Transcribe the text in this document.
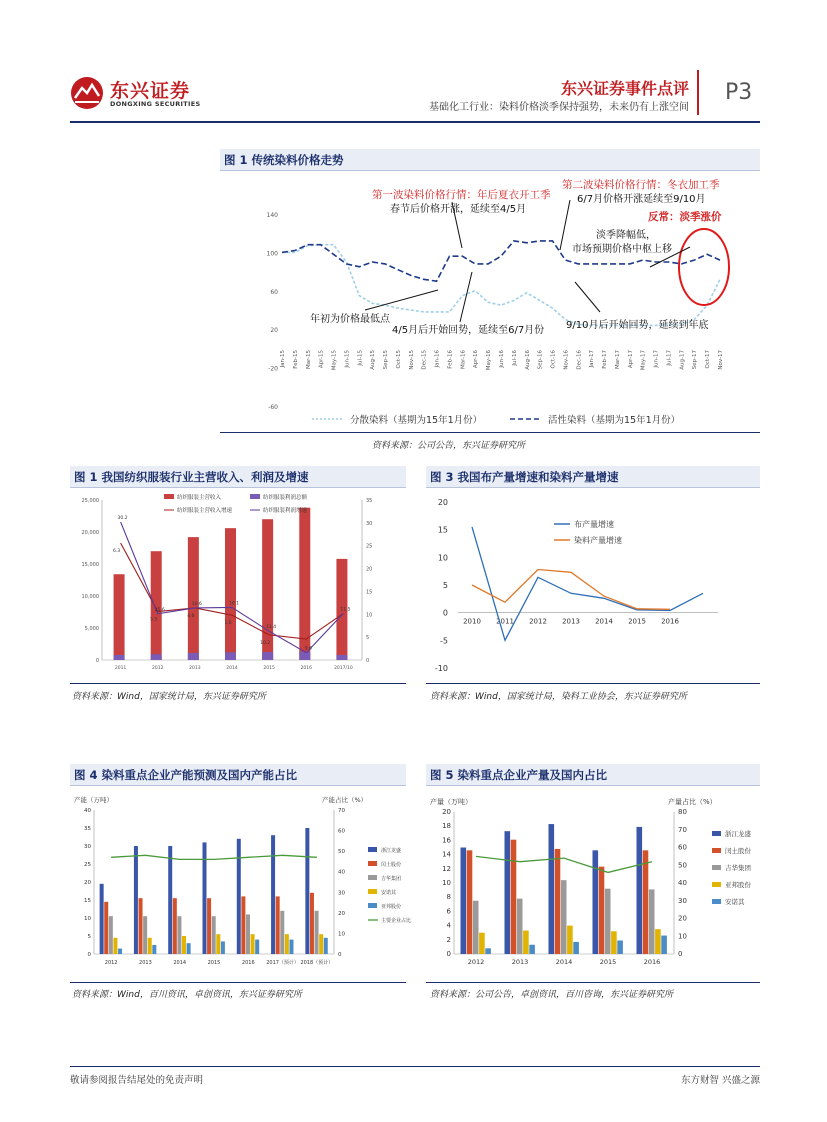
东兴证券
DONGXING SECURITIES
东兴证券事件点评
基础化工行业：染料价格淡季保持强势，未来仍有上涨空间
P3
图 1 传统染料价格走势
140
100
60
20
-20
-60
Jan-15 Feb-15 Mar-15 Apr-15 May-15 Jun-15 Jul-15 Aug-15 Sep-15 Oct-15 Nov-15 Dec-15 Jan-16 Feb-16 Mar-16 Apr-16 May-16 Jun-16 Jul-16 Aug-16 Sep-16 Oct-16 Nov-16 Dec-16 Jan-17 Feb-17 Mar-17 Apr-17 May-17 Jun-17 Jul-17 Aug-17 Sep-17 Oct-17 Nov-17
第一波染料价格行情：年后夏衣开工季
春节后价格开涨，延续至4/5月
第二波染料价格行情：冬衣加工季
6/7月价格开涨延续至9/10月
反常：淡季涨价
淡季降幅低，
市场预期价格中枢上移
年初为价格最低点
4/5月后开始回势，延续至6/7月份 9/10月后开始回势，延续到年底
分散染料（基期为15年1月份）	活性染料（基期为15年1月份）
资料来源：公司公告，东兴证券研究所
图 1 我国纺织服装行业主营收入、利润及增速
25,000
20,000
15,000
10,000
5,000
0
35
30
25
20
15
10
5
0
2011	2012	2013	2014	2015	2016	2017/10
30.2
25.6
10.6	10.1
11.4
9.8
11.5
6.3
5.5
4.6
1.6
10.2
纺织服装主营收入	纺织服装利润总额
纺织服装主营收入增速	纺织服装利润增速
资料来源：Wind，国家统计局，东兴证券研究所
图 3 我国布产量增速和染料产量增速
20
15
10
5
0
-5
-10
2010 2011 2012 2013 2014 2015 2016
布产量增速
染料产量增速
资料来源：Wind，国家统计局，染料工业协会，东兴证券研究所
图 4 染料重点企业产能预测及国内产能占比
产能（万吨）	产能占比（%）
40
35
30
25
20
15
10
5
0
70
60
50
40
30
20
10
0
2012	2013	2014	2015	2016 2017（预计） 2018（预计）
浙江龙盛
闰土股份
吉华集团
安诺其
亚邦股份
主要企业占比
资料来源：Wind，百川资讯，卓创资讯，东兴证券研究所
图 5 染料重点企业产量及国内占比
产量（万吨）	产量占比（%）
20
18
16
14
12
10
8
6
4
2
0
80
70
60
50
40
30
20
10
0
2012	2013	2014	2015	2016
浙江龙盛
闰土股份
吉华集团
亚邦股份
安诺其
资料来源：公司公告，卓创资讯，百川咨询，东兴证券研究所
敬请参阅报告结尾处的免责声明	东方财智 兴盛之源
